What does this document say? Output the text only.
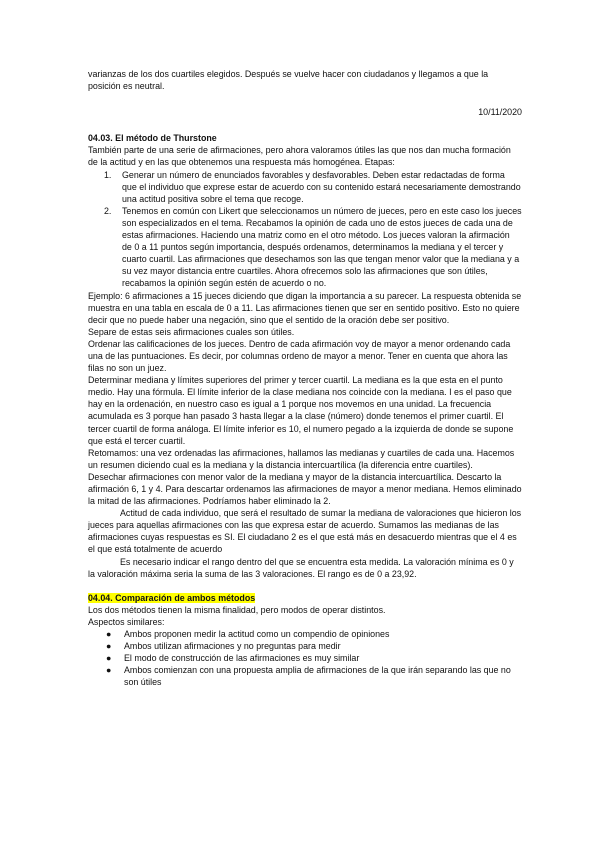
varianzas de los dos cuartiles elegidos. Después se vuelve hacer con ciudadanos y llegamos a que la posición es neutral.

10/11/2020

04.03. El método de Thurstone

También parte de una serie de afirmaciones, pero ahora valoramos útiles las que nos dan mucha formación de la actitud y en las que obtenemos una respuesta más homogénea. Etapas:

1.	Generar un número de enunciados favorables y desfavorables. Deben estar redactadas de forma que el individuo que exprese estar de acuerdo con su contenido estará necesariamente demostrando una actitud positiva sobre el tema que recoge.
2.	Tenemos en común con Likert que seleccionamos un número de jueces, pero en este caso los jueces son especializados en el tema. Recabamos la opinión de cada uno de estos jueces de cada una de estas afirmaciones. Haciendo una matriz como en el otro método. Los jueces valoran la afirmación de 0 a 11 puntos según importancia, después ordenamos, determinamos la mediana y el tercer y cuarto cuartil. Las afirmaciones que desechamos son las que tengan menor valor que la mediana y a su vez mayor distancia entre cuartiles. Ahora ofrecemos solo las afirmaciones que son útiles, recabamos la opinión según estén de acuerdo o no.

Ejemplo: 6 afirmaciones a 15 jueces diciendo que digan la importancia a su parecer. La respuesta obtenida se muestra en una tabla en escala de 0 a 11. Las afirmaciones tienen que ser en sentido positivo. Esto no quiere decir que no puede haber una negación, sino que el sentido de la oración debe ser positivo.

Separe de estas seis afirmaciones cuales son útiles.

Ordenar las calificaciones de los jueces. Dentro de cada afirmación voy de mayor a menor ordenando cada una de las puntuaciones. Es decir, por columnas ordeno de mayor a menor. Tener en cuenta que ahora las filas no son un juez.

Determinar mediana y límites superiores del primer y tercer cuartil. La mediana es la que esta en el punto medio. Hay una fórmula. El límite inferior de la clase mediana nos coincide con la mediana. I es el paso que hay en la ordenación, en nuestro caso es igual a 1 porque nos movemos en una unidad. La frecuencia acumulada es 3 porque han pasado 3 hasta llegar a la clase (número) donde tenemos el primer cuartil. El tercer cuartil de forma análoga. El límite inferior es 10, el numero pegado a la izquierda de donde se supone que está el tercer cuartil.

Retomamos: una vez ordenadas las afirmaciones, hallamos las medianas y cuartiles de cada una. Hacemos un resumen diciendo cual es la mediana y la distancia intercuartílica (la diferencia entre cuartiles).

Desechar afirmaciones con menor valor de la mediana y mayor de la distancia intercuartílica. Descarto la afirmación 6, 1 y 4. Para descartar ordenamos las afirmaciones de mayor a menor mediana. Hemos eliminado la mitad de las afirmaciones. Podríamos haber eliminado la 2.

Actitud de cada individuo, que será el resultado de sumar la mediana de valoraciones que hicieron los jueces para aquellas afirmaciones con las que expresa estar de acuerdo. Sumamos las medianas de las afirmaciones cuyas respuestas es SI. El ciudadano 2 es el que está más en desacuerdo mientras que el 4 es el que está totalmente de acuerdo

Es necesario indicar el rango dentro del que se encuentra esta medida. La valoración mínima es 0 y la valoración máxima seria la suma de las 3 valoraciones. El rango es de 0 a 23,92.

04.04. Comparación de ambos métodos

Los dos métodos tienen la misma finalidad, pero modos de operar distintos.

Aspectos similares:

●	Ambos proponen medir la actitud como un compendio de opiniones
●	Ambos utilizan afirmaciones y no preguntas para medir
●	El modo de construcción de las afirmaciones es muy similar
●	Ambos comienzan con una propuesta amplia de afirmaciones de la que irán separando las que no son útiles
